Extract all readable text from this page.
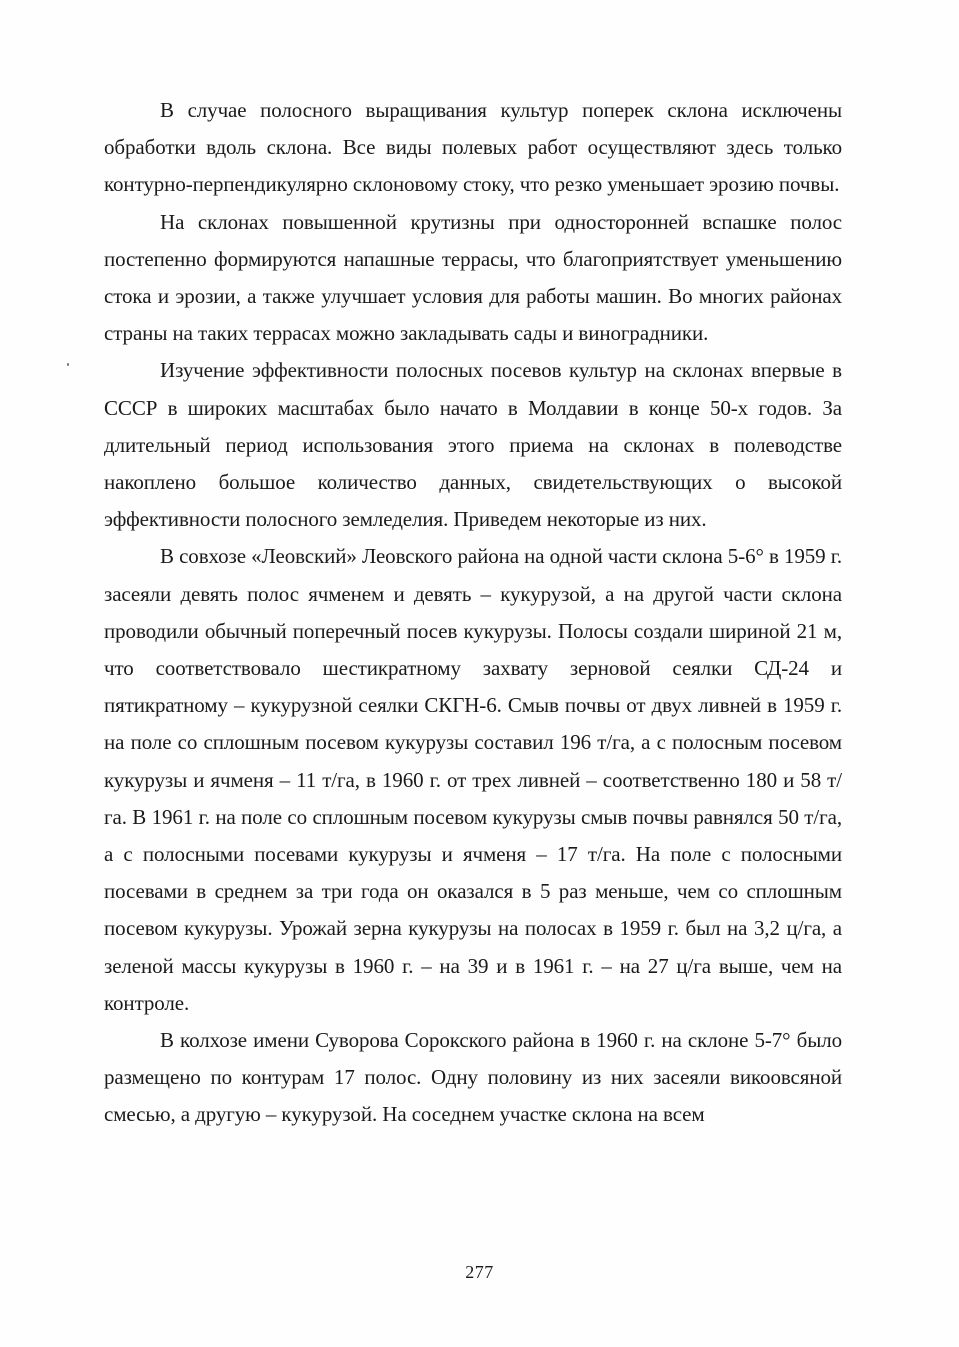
В случае полосного выращивания культур поперек склона исключены обработки вдоль склона. Все виды полевых работ осуществляют здесь только контурно-перпендикулярно склоновому стоку, что резко уменьшает эрозию почвы.

На склонах повышенной крутизны при односторонней вспашке полос постепенно формируются напашные террасы, что благоприятствует уменьшению стока и эрозии, а также улучшает условия для работы машин. Во многих районах страны на таких террасах можно закладывать сады и виноградники.

Изучение эффективности полосных посевов культур на склонах впервые в СССР в широких масштабах было начато в Молдавии в конце 50-х годов. За длительный период использования этого приема на склонах в полеводстве накоплено большое количество данных, свидетельствующих о высокой эффективности полосного земледелия. Приведем некоторые из них.

В совхозе «Леовский» Леовского района на одной части склона 5-6° в 1959 г. засеяли девять полос ячменем и девять – кукурузой, а на другой части склона проводили обычный поперечный посев кукурузы. Полосы создали шириной 21 м, что соответствовало шестикратному захвату зерновой сеялки СД-24 и пятикратному – кукурузной сеялки СКГН-6. Смыв почвы от двух ливней в 1959 г. на поле со сплошным посевом кукурузы составил 196 т/га, а с полосным посевом кукурузы и ячменя – 11 т/га, в 1960 г. от трех ливней – соответственно 180 и 58 т/га. В 1961 г. на поле со сплошным посевом кукурузы смыв почвы равнялся 50 т/га, а с полосными посевами кукурузы и ячменя – 17 т/га. На поле с полосными посевами в среднем за три года он оказался в 5 раз меньше, чем со сплошным посевом кукурузы. Урожай зерна кукурузы на полосах в 1959 г. был на 3,2 ц/га, а зеленой массы кукурузы в 1960 г. – на 39 и в 1961 г. – на 27 ц/га выше, чем на контроле.

В колхозе имени Суворова Сорокского района в 1960 г. на склоне 5-7° было размещено по контурам 17 полос. Одну половину из них засеяли викоовсяной смесью, а другую – кукурузой. На соседнем участке склона на всем

277
